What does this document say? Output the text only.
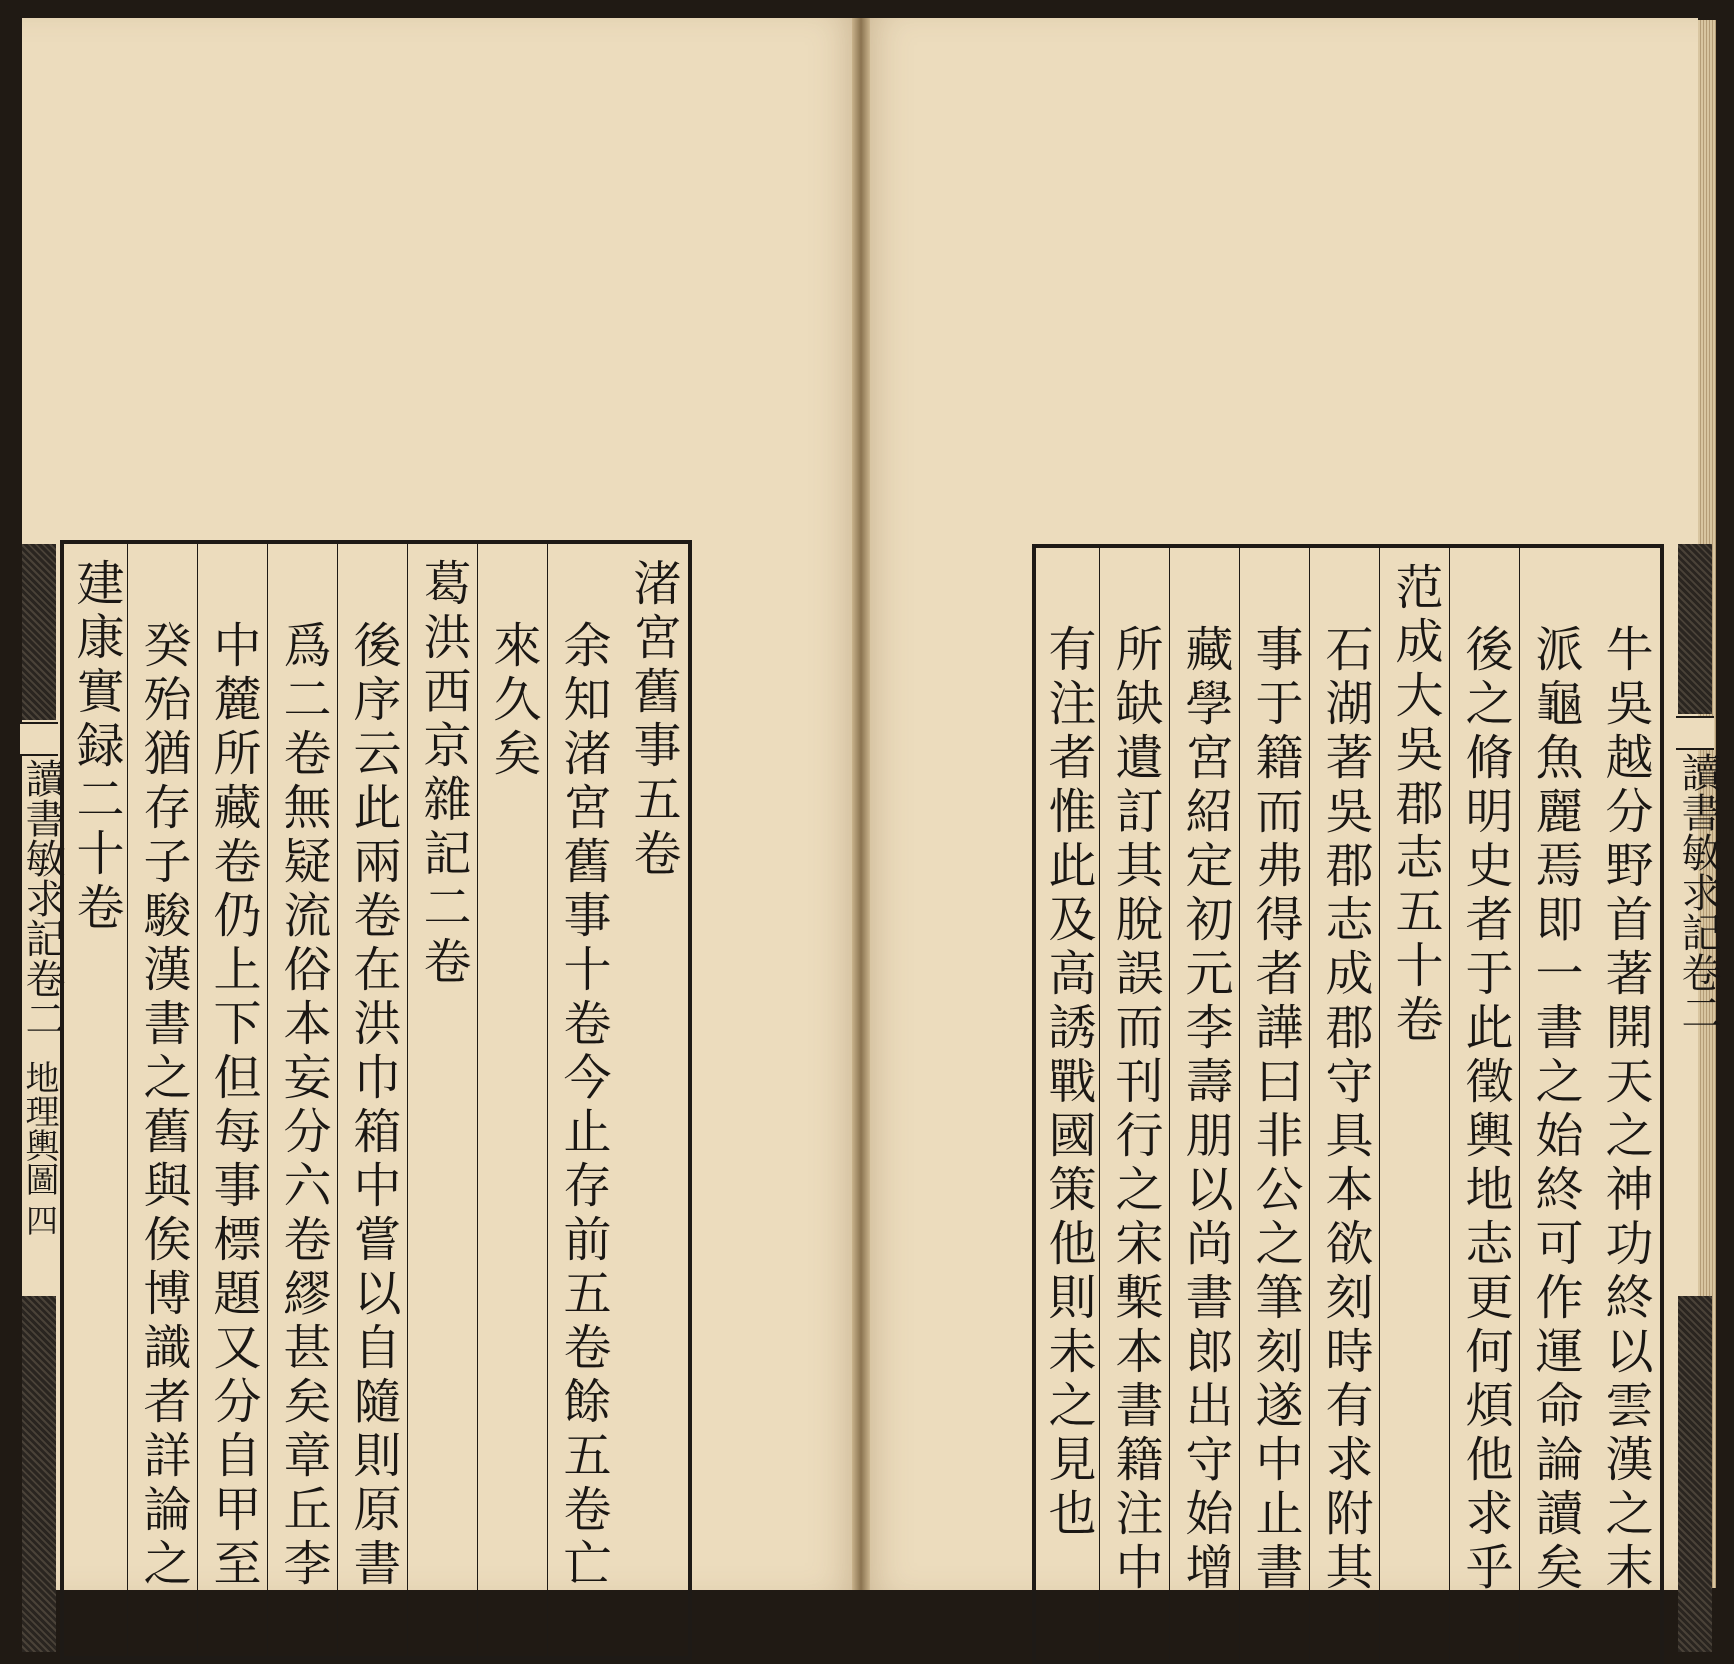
讀書敏求記卷二
地理輿圖
四
讀書敏求記卷二
渚宮舊事五卷
余知渚宮舊事十卷今止存前五卷餘五卷亡
來久矣
葛洪西京雜記二卷
後序云此兩卷在洪巾箱中嘗以自隨則原書
爲二卷無疑流俗本妄分六卷繆甚矣章丘李
中麓所藏卷仍上下但每事標題又分自甲至
癸殆猶存子駿漢書之舊與俟博識者詳論之
建康實録二十卷	牛吳越分野首著開天之神功終以雲漢之末
派龜魚麗焉即一書之始終可作運命論讀矣
後之脩明史者于此徵輿地志更何煩他求乎
范成大吳郡志五十卷
石湖著吳郡志成郡守具本欲刻時有求附其
事于籍而弗得者譁曰非公之筆刻遂中止書
藏學宮紹定初元李壽朋以尚書郎出守始增
所缺遺訂其脫誤而刊行之宋槧本書籍注中
有注者惟此及高誘戰國策他則未之見也
